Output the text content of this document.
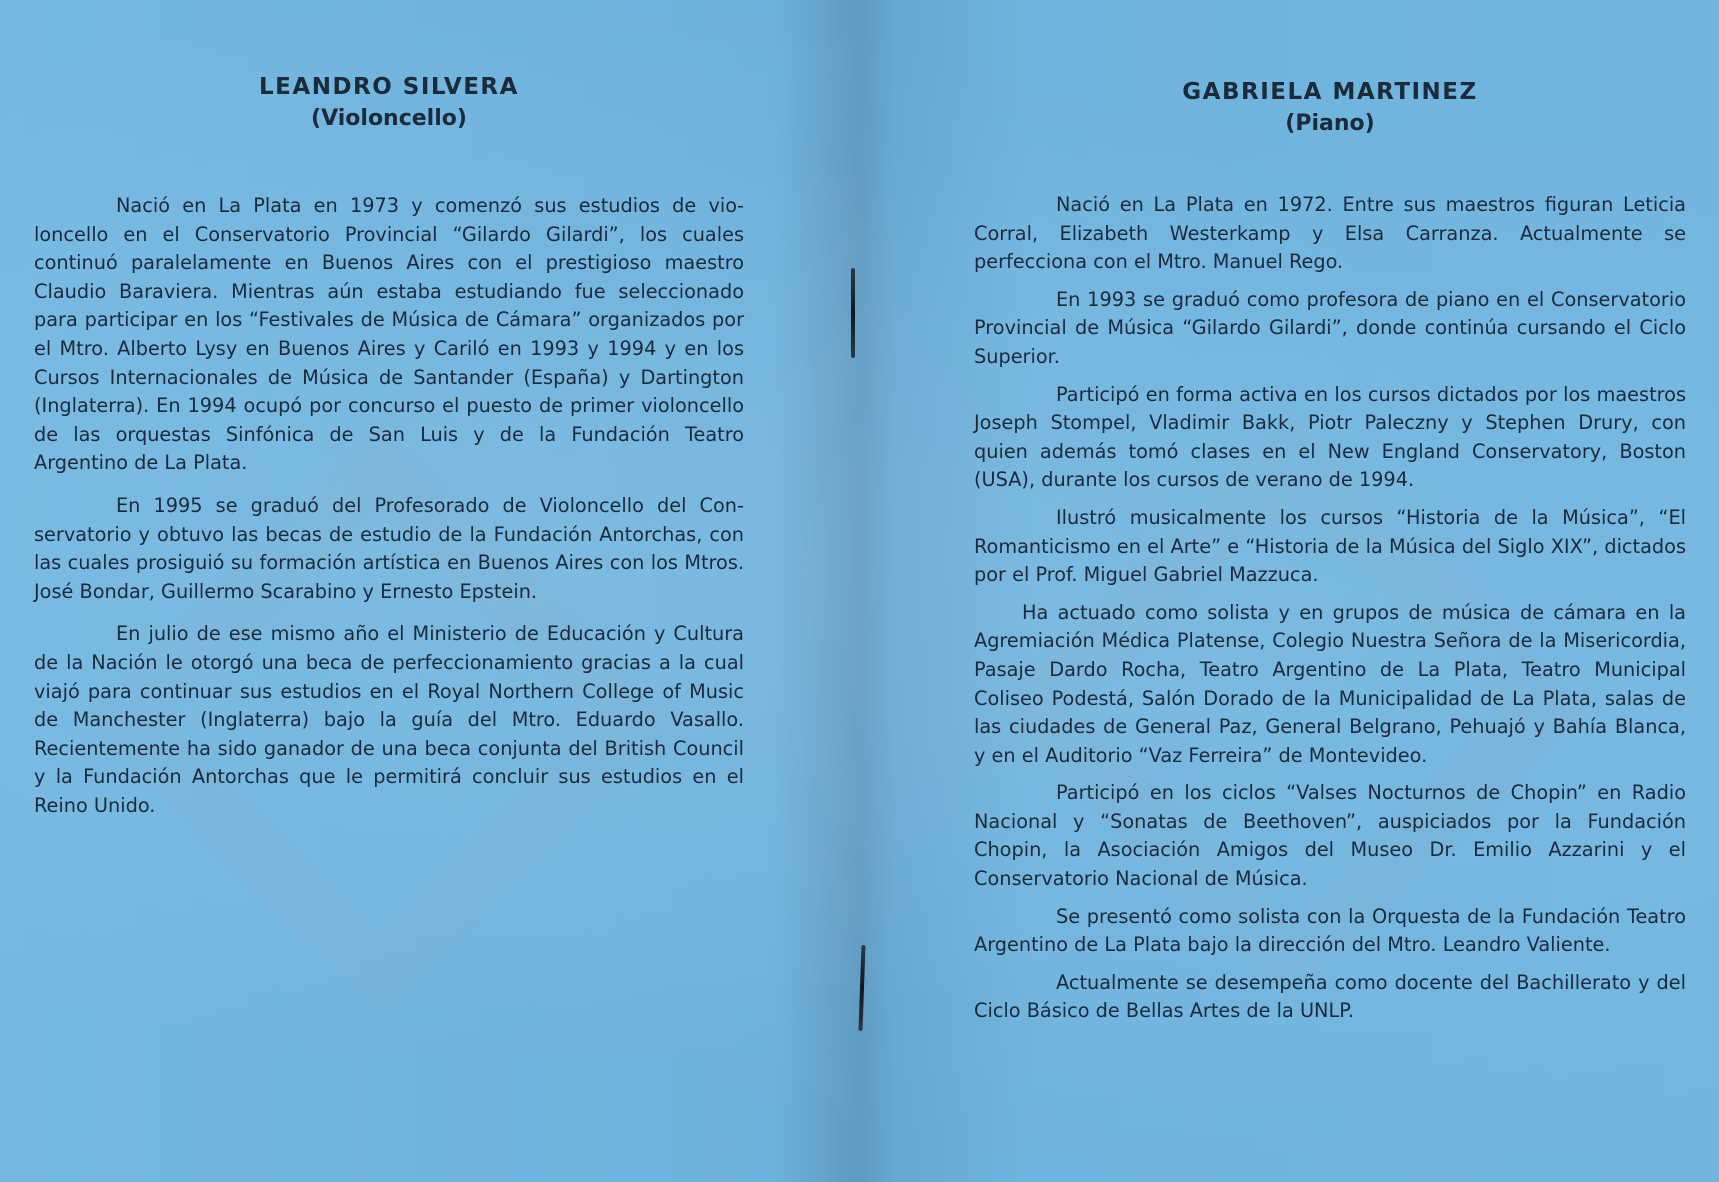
LEANDRO SILVERA
(Violoncello)

Nació en La Plata en 1973 y comenzó sus estudios de violoncello en el Conservatorio Provincial “Gilardo Gilardi”, los cuales continuó paralelamente en Buenos Aires con el prestigioso maestro Claudio Baraviera. Mientras aún estaba estudiando fue seleccionado para participar en los “Festivales de Música de Cámara” organizados por el Mtro. Alberto Lysy en Buenos Aires y Cariló en 1993 y 1994 y en los Cursos Internacionales de Música de Santander (España) y Dartington (Inglaterra). En 1994 ocupó por concurso el puesto de primer violoncello de las orquestas Sinfónica de San Luis y de la Fundación Teatro Argentino de La Plata.

En 1995 se graduó del Profesorado de Violoncello del Conservatorio y obtuvo las becas de estudio de la Fundación Antorchas, con las cuales prosiguió su formación artística en Buenos Aires con los Mtros. José Bondar, Guillermo Scarabino y Ernesto Epstein.

En julio de ese mismo año el Ministerio de Educación y Cultura de la Nación le otorgó una beca de perfeccionamiento gracias a la cual viajó para continuar sus estudios en el Royal Northern College of Music de Manchester (Inglaterra) bajo la guía del Mtro. Eduardo Vasallo. Recientemente ha sido ganador de una beca conjunta del British Council y la Fundación Antorchas que le permitirá concluir sus estudios en el Reino Unido.

GABRIELA MARTINEZ
(Piano)

Nació en La Plata en 1972. Entre sus maestros figuran Leticia Corral, Elizabeth Westerkamp y Elsa Carranza. Actualmente se perfecciona con el Mtro. Manuel Rego.

En 1993 se graduó como profesora de piano en el Conservatorio Provincial de Música “Gilardo Gilardi”, donde continúa cursando el Ciclo Superior.

Participó en forma activa en los cursos dictados por los maestros Joseph Stompel, Vladimir Bakk, Piotr Paleczny y Stephen Drury, con quien además tomó clases en el New England Conservatory, Boston (USA), durante los cursos de verano de 1994.

Ilustró musicalmente los cursos “Historia de la Música”, “El Romanticismo en el Arte” e “Historia de la Música del Siglo XIX”, dictados por el Prof. Miguel Gabriel Mazzuca.

Ha actuado como solista y en grupos de música de cámara en la Agremiación Médica Platense, Colegio Nuestra Señora de la Misericordia, Pasaje Dardo Rocha, Teatro Argentino de La Plata, Teatro Municipal Coliseo Podestá, Salón Dorado de la Municipalidad de La Plata, salas de las ciudades de General Paz, General Belgrano, Pehuajó y Bahía Blanca, y en el Auditorio “Vaz Ferreira” de Montevideo.

Participó en los ciclos “Valses Nocturnos de Chopin” en Radio Nacional y “Sonatas de Beethoven”, auspiciados por la Fundación Chopin, la Asociación Amigos del Museo Dr. Emilio Azzarini y el Conservatorio Nacional de Música.

Se presentó como solista con la Orquesta de la Fundación Teatro Argentino de La Plata bajo la dirección del Mtro. Leandro Valiente.

Actualmente se desempeña como docente del Bachillerato y del Ciclo Básico de Bellas Artes de la UNLP.
